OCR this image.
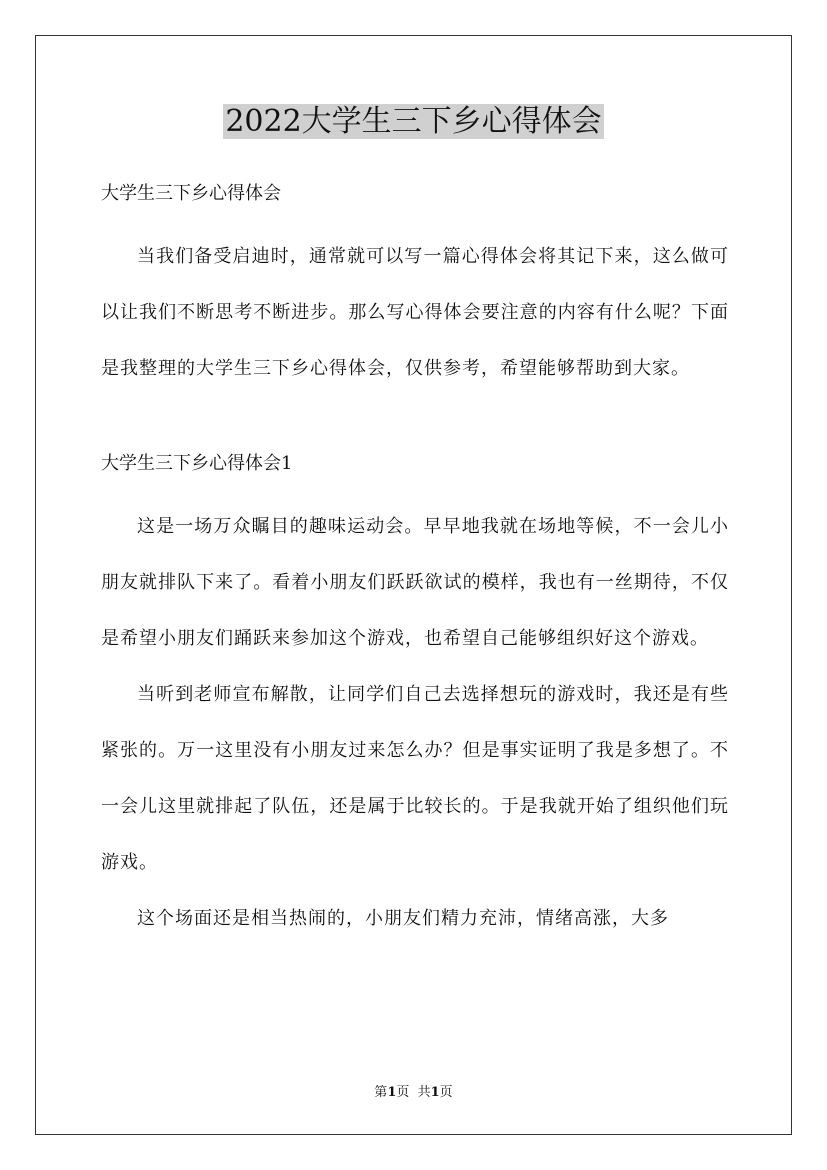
2022大学生三下乡心得体会

大学生三下乡心得体会

当我们备受启迪时，通常就可以写一篇心得体会将其记下来，这么做可以让我们不断思考不断进步。那么写心得体会要注意的内容有什么呢？下面是我整理的大学生三下乡心得体会，仅供参考，希望能够帮助到大家。

大学生三下乡心得体会1

这是一场万众瞩目的趣味运动会。早早地我就在场地等候，不一会儿小朋友就排队下来了。看着小朋友们跃跃欲试的模样，我也有一丝期待，不仅是希望小朋友们踊跃来参加这个游戏，也希望自己能够组织好这个游戏。

当听到老师宣布解散，让同学们自己去选择想玩的游戏时，我还是有些紧张的。万一这里没有小朋友过来怎么办？但是事实证明了我是多想了。不一会儿这里就排起了队伍，还是属于比较长的。于是我就开始了组织他们玩游戏。

这个场面还是相当热闹的，小朋友们精力充沛，情绪高涨，大多

第1页  共1页
